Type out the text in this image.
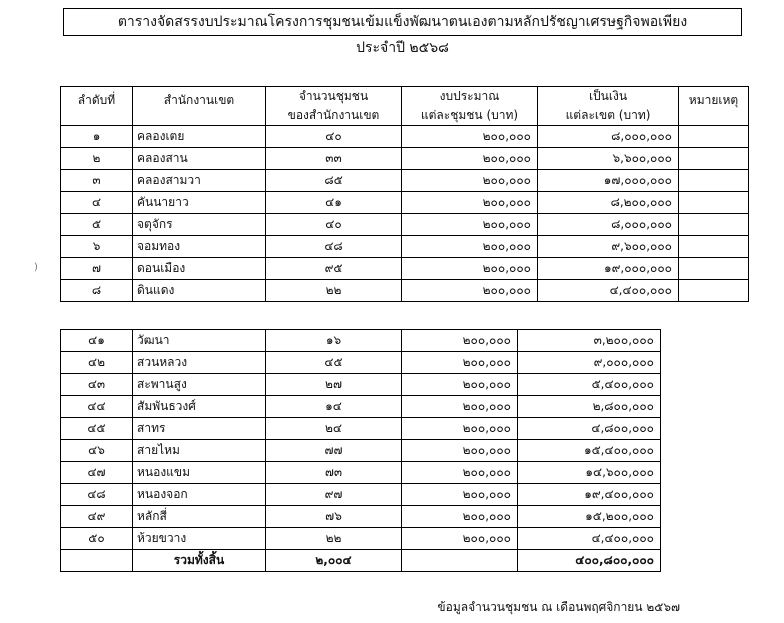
ตารางจัดสรรงบประมาณโครงการชุมชนเข้มแข็งพัฒนาตนเองตามหลักปรัชญาเศรษฐกิจพอเพียง
ประจำปี ๒๕๖๘
ลำดับที่	สำนักงานเขต	จำนวนชุมชน	งบประมาณ	เป็นเงิน	หมายเหตุ
		ของสำนักงานเขต	แต่ละชุมชน (บาท)	แต่ละเขต (บาท)	
๑	คลองเตย	๔๐	๒๐๐,๐๐๐	๘,๐๐๐,๐๐๐	
๒	คลองสาน	๓๓	๒๐๐,๐๐๐	๖,๖๐๐,๐๐๐	
๓	คลองสามวา	๘๕	๒๐๐,๐๐๐	๑๗,๐๐๐,๐๐๐	
๔	คันนายาว	๔๑	๒๐๐,๐๐๐	๘,๒๐๐,๐๐๐	
๕	จตุจักร	๔๐	๒๐๐,๐๐๐	๘,๐๐๐,๐๐๐	
๖	จอมทอง	๔๘	๒๐๐,๐๐๐	๙,๖๐๐,๐๐๐	
๗	ดอนเมือง	๙๕	๒๐๐,๐๐๐	๑๙,๐๐๐,๐๐๐	
๘	ดินแดง	๒๒	๒๐๐,๐๐๐	๔,๔๐๐,๐๐๐	
๔๑	วัฒนา	๑๖	๒๐๐,๐๐๐	๓,๒๐๐,๐๐๐
๔๒	สวนหลวง	๔๕	๒๐๐,๐๐๐	๙,๐๐๐,๐๐๐
๔๓	สะพานสูง	๒๗	๒๐๐,๐๐๐	๕,๔๐๐,๐๐๐
๔๔	สัมพันธวงศ์	๑๔	๒๐๐,๐๐๐	๒,๘๐๐,๐๐๐
๔๕	สาทร	๒๔	๒๐๐,๐๐๐	๔,๘๐๐,๐๐๐
๔๖	สายไหม	๗๗	๒๐๐,๐๐๐	๑๕,๔๐๐,๐๐๐
๔๗	หนองแขม	๗๓	๒๐๐,๐๐๐	๑๔,๖๐๐,๐๐๐
๔๘	หนองจอก	๙๗	๒๐๐,๐๐๐	๑๙,๔๐๐,๐๐๐
๔๙	หลักสี่	๗๖	๒๐๐,๐๐๐	๑๕,๒๐๐,๐๐๐
๕๐	ห้วยขวาง	๒๒	๒๐๐,๐๐๐	๔,๔๐๐,๐๐๐
	รวมทั้งสิ้น	๒,๐๐๔		๔๐๐,๘๐๐,๐๐๐
)
ข้อมูลจำนวนชุมชน ณ เดือนพฤศจิกายน ๒๕๖๗
